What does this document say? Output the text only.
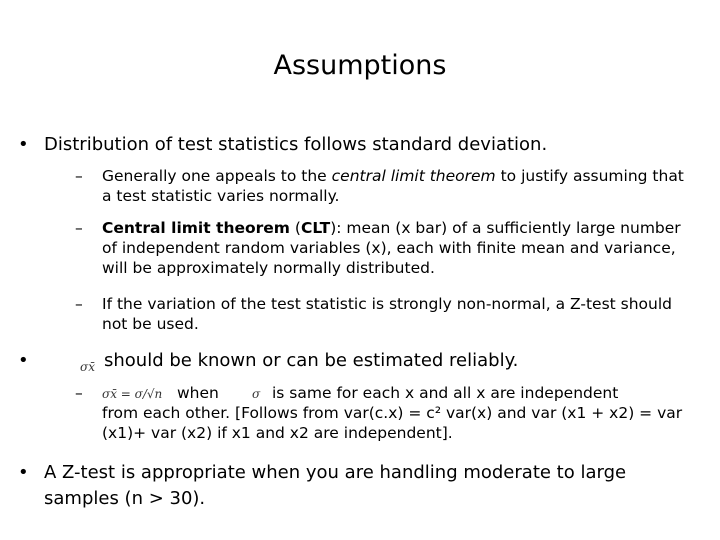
Assumptions
• Distribution of test statistics follows standard deviation.
– Generally one appeals to the central limit theorem to justify assuming that a test statistic varies normally.
– Central limit theorem (CLT): mean (x bar) of a sufficiently large number of independent random variables (x), each with finite mean and variance, will be approximately normally distributed.
– If the variation of the test statistic is strongly non-normal, a Z-test should not be used.
•	σx̄ should be known or can be estimated reliably.
– σx̄ = σ/√n when	σ is same for each x and all x are independent
from each other. [Follows from var(c.x) = c² var(x) and var (x1 + x2) = var (x1)+ var (x2) if x1 and x2 are independent].
• A Z-test is appropriate when you are handling moderate to large samples (n > 30).
